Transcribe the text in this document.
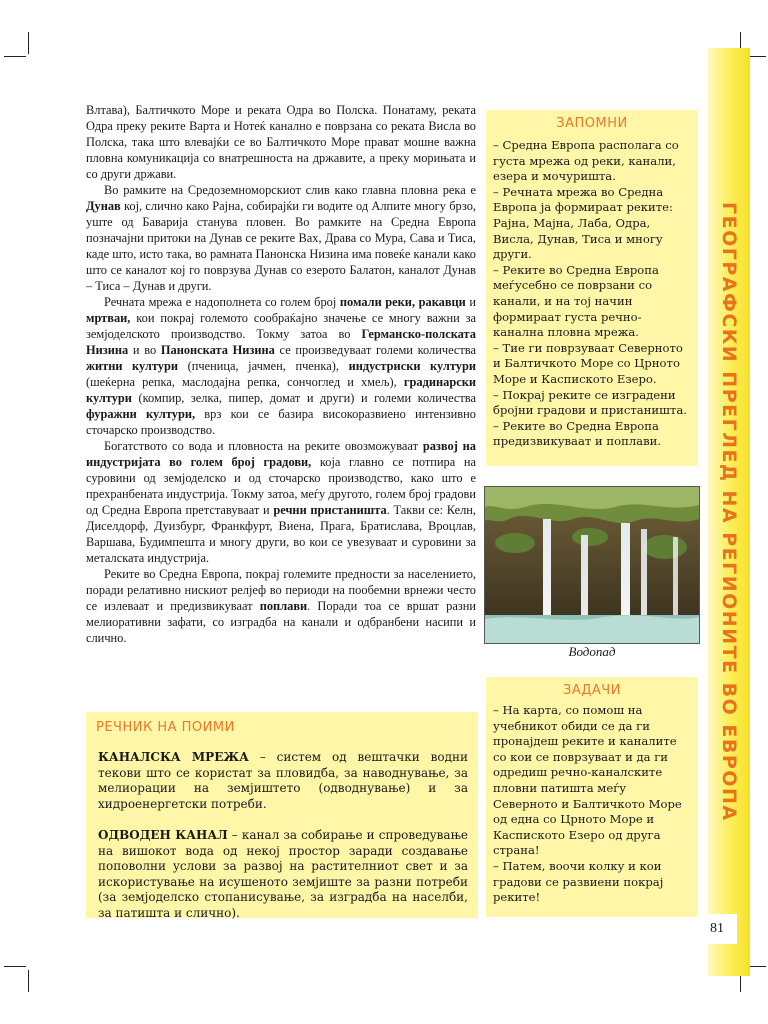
ГЕОГРАФСКИ ПРЕГЛЕД НА РЕГИОНИТЕ ВО ЕВРОПА
81

Влтава), Балтичкото Море и реката Одра во Полска. Понатаму, реката Одра преку реките Варта и Нотеќ канално е поврзана со реката Висла во Полска, така што влевајќи се во Балтичкото Море прават мошне важна пловна комуникација со внатрешноста на државите, а преку морињата и со други држави.

Во рамките на Средоземноморскиот слив како главна пловна река е Дунав кој, слично како Рајна, собирајќи ги водите од Алпите многу брзо, уште од Баварија станува пловен. Во рамките на Средна Европа позначајни притоки на Дунав се реките Вах, Драва со Мура, Сава и Тиса, каде што, исто така, во рамната Панонска Низина има повеќе канали како што се каналот кој го поврзува Дунав со езерото Балатон, каналот Дунав – Тиса – Дунав и други.

Речната мрежа е надополнета со голем број помали реки, ракавци и мртваи, кои покрај големото сообраќајно значење се многу важни за земјоделското производство. Токму затоа во Германско-полската Низина и во Панонската Низина се произведуваат големи количества житни култури (пченица, јачмен, пченка), индустриски култури (шеќерна репка, маслодајна репка, сончоглед и хмељ), градинарски култури (компир, зелка, пипер, домат и други) и големи количества фуражни култури, врз кои се базира високоразвиено интензивно сточарско производство.

Богатството со вода и пловноста на реките овозможуваат развој на индустријата во голем број градови, која главно се потпира на суровини од земјоделско и од сточарско производство, како што е прехранбената индустрија. Токму затоа, меѓу другото, голем број градови од Средна Европа претставуваат и речни пристаништа. Такви се: Келн, Диселдорф, Дуизбург, Франкфурт, Виена, Прага, Братислава, Вроцлав, Варшава, Будимпешта и многу други, во кои се увезуваат и суровини за металската индустрија.

Реките во Средна Европа, покрај големите предности за населението, поради релативно нискиот релјеф во периоди на пообемни врнежи често се излеваат и предизвикуваат поплави. Поради тоа се вршат разни мелиоративни зафати, со изградба на канали и одбранбени насипи и слично.

ЗАПОМНИ
– Средна Европа располага со густа мрежа од реки, канали, езера и мочуришта.
– Речната мрежа во Средна Европа ја формираат реките: Рајна, Мајна, Лаба, Одра, Висла, Дунав, Тиса и многу други.
– Реките во Средна Европа меѓусебно се поврзани со канали, и на тој начин формираат густа речно-канална пловна мрежа.
– Тие ги поврзуваат Северното и Балтичкото Море со Црното Море и Каспиското Езеро.
– Покрај реките се изградени бројни градови и пристаништа.
– Реките во Средна Европа предизвикуваат и поплави.
Водопад
ЗАДАЧИ
– На карта, со помош на учебникот обиди се да ги пронајдеш реките и каналите со кои се поврзуваат и да ги одредиш речно-каналските пловни патишта меѓу Северното и Балтичкото Море од една со Црното Море и Каспиското Езеро од друга страна!
– Патем, воочи колку и кои градови се развиени покрај реките!
РЕЧНИК НА ПОИМИ

КАНАЛСКА МРЕЖА – систем од вештачки водни текови што се користат за пловидба, за наводнување, за мелиорации на земјиштето (одводнување) и за хидроенергетски потреби.

ОДВОДЕН КАНАЛ – канал за собирање и спроведување на вишокот вода од некој простор заради создавање поповолни услови за развој на растителниот свет и за искористување на исушеното земјиште за разни потреби (за земјоделско стопанисување, за изградба на населби, за патишта и слично).
